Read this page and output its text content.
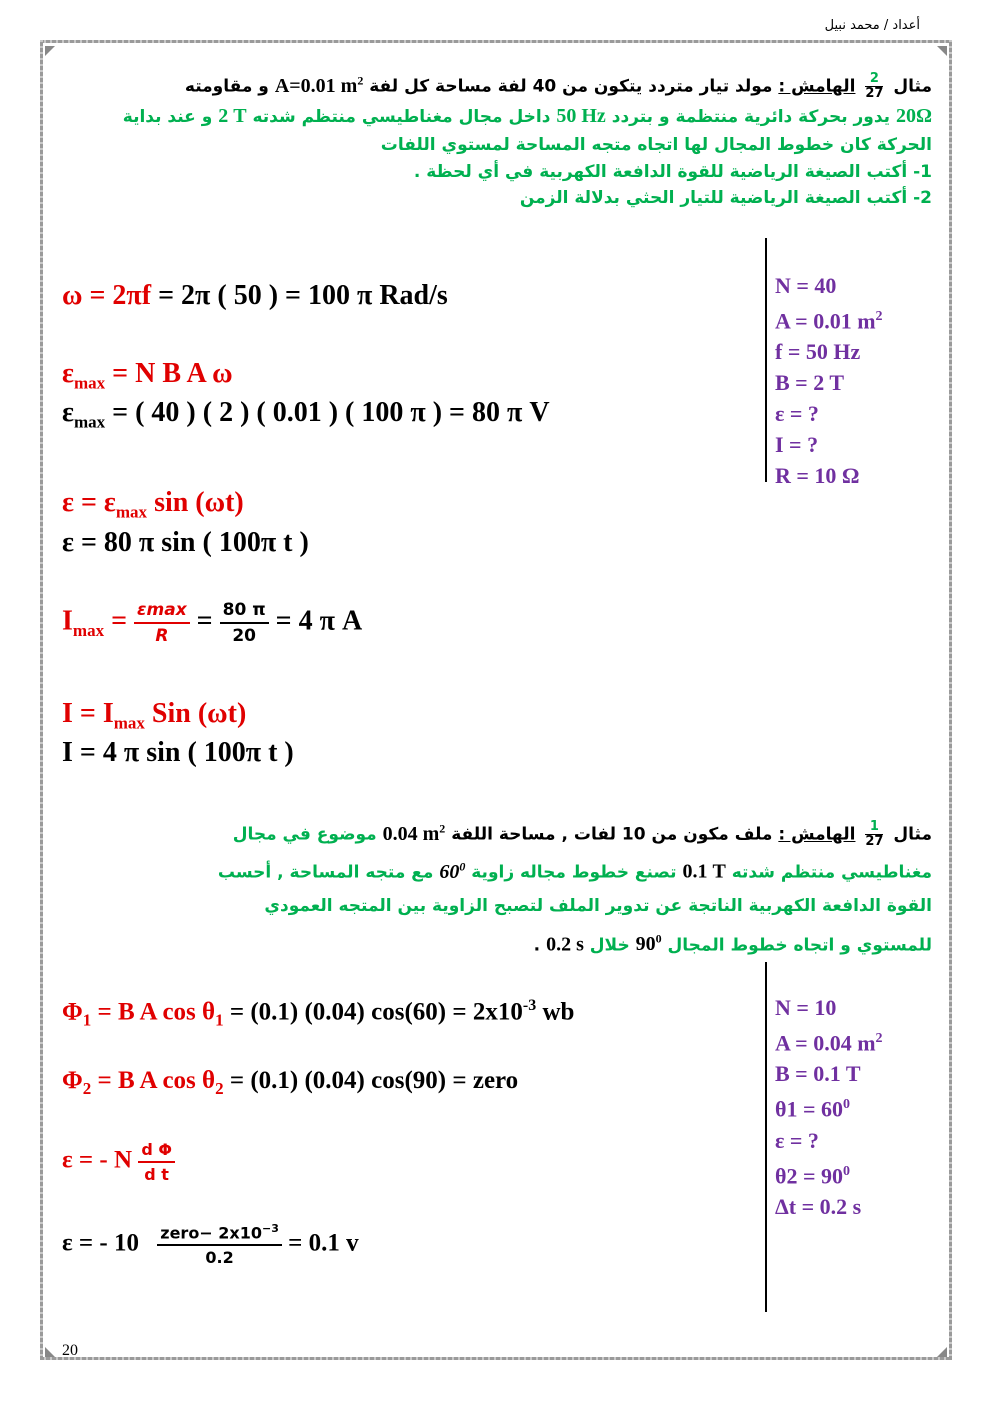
أعداد / محمد نبيل
20
مثال
$\frac{2}{27}$
الهامش : مولد تيار متردد يتكون من 40 لفة مساحة كل لفة A=0.01 $m^2$ و مقاومته
20Ω يدور بحركة دائرية منتظمة و بتردد 50 Hz داخل مجال مغناطيسي منتظم شدته 2 T و عند بداية
الحركة كان خطوط المجال لها اتجاه متجه المساحة لمستوي اللفات
1- أكتب الصيغة الرياضية للقوة الدافعة الكهربية في أي لحظة .
2- أكتب الصيغة الرياضية للتيار الحثي بدلالة الزمن
N = 40
A = 0.01 $m^2$
f = 50 Hz
B = 2 T
ε = ?
I = ?
R = 10 Ω
ω = 2πf = 2π ( 50 ) = 100 π Rad/s
$\varepsilon_{max} = N$ B A ω
$\varepsilon_{max}$ = ( 40 ) ( 2 ) ( 0.01 ) ( 100 π ) = 80 π V
$\varepsilon = \varepsilon_{max}$ sin (ωt)
ε = 80 π sin ( 100π t )
$I_{max} = \varepsilon\max$
R	= $\frac{80 \pi}{20} = 4$ π A
$I = I_{max}$ Sin (ωt)
I = 4 π sin ( 100π t )
مثال
$\frac{1}{27}$
الهامش : ملف مكون من 10 لفات , مساحة اللفة 0.04 $m^2$ موضوع في مجال
مغناطيسي منتظم شدته 0.1 T تصنع خطوط مجاله زاوية $60^0$ مع متجه المساحة , أحسب
القوة الدافعة الكهربية الناتجة عن تدوير الملف لتصبح الزاوية بين المتجه العمودي
للمستوي و اتجاه خطوط المجال $90^0$ خلال 0.2 s .
N = 10
A = 0.04 $m^2$
B = 0.1 T
$\theta 1 = 60^0$
ε = ?
$\theta 2 = 90^0$
Δt = 0.2 s
$\Phi_1 = B$ A $\cos \theta_1 = (0.1)$ (0.04) $\cos(60) = 2x10^{-3}$ wb
$\Phi_2 = B$ A $\cos \theta_2 = (0.1)$ (0.04) cos(90) = zero
ε = - N $\frac{\text{d Φ}}{\text{d t}}$
ε = - 10 zero− $2x10^{-3}$
0.2
= 0.1 v
